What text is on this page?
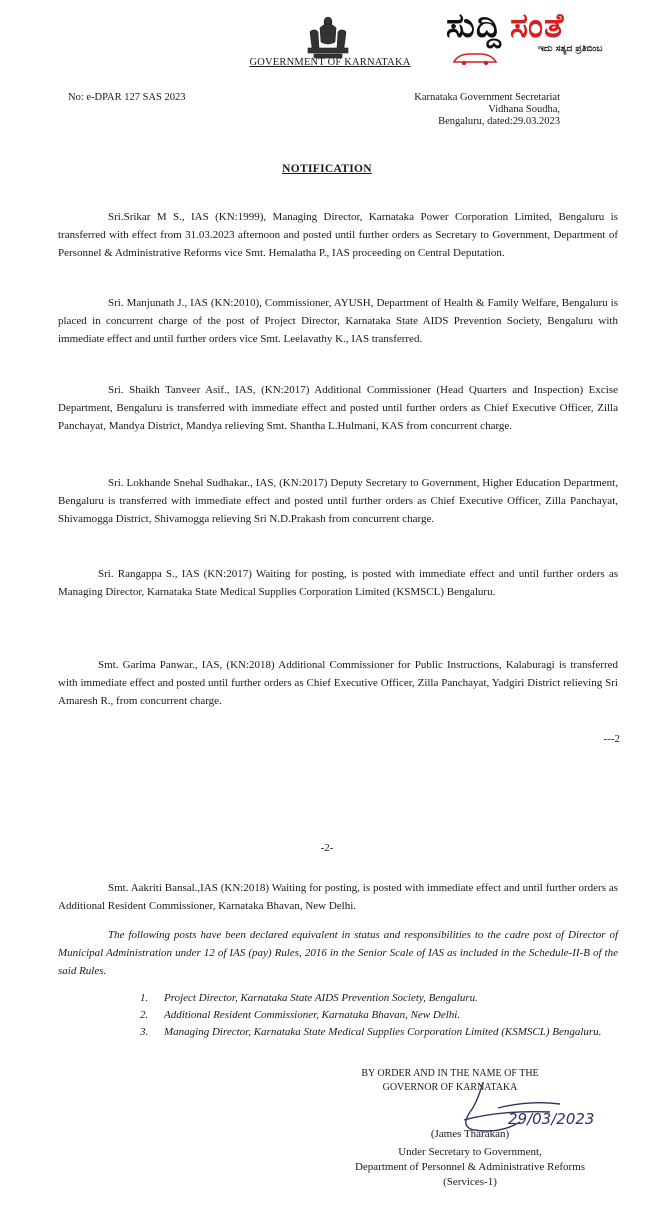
GOVERNMENT OF KARNATAKA
ಸುದ್ದಿ ಸಂತೆ
ಇದು ಸತ್ಯದ ಪ್ರತಿಬಿಂಬ
No: e-DPAR 127 SAS 2023	Karnataka Government Secretariat
Vidhana Soudha,
Bengaluru, dated:29.03.2023
NOTIFICATION
Sri.Srikar M S., IAS (KN:1999), Managing Director, Karnataka Power Corporation Limited, Bengaluru is transferred with effect from 31.03.2023 afternoon and posted until further orders as Secretary to Government, Department of Personnel & Administrative Reforms vice Smt. Hemalatha P., IAS proceeding on Central Deputation.
Sri. Manjunath J., IAS (KN:2010), Commissioner, AYUSH, Department of Health & Family Welfare, Bengaluru is placed in concurrent charge of the post of Project Director, Karnataka State AIDS Prevention Society, Bengaluru with immediate effect and until further orders vice Smt. Leelavathy K., IAS transferred.
Sri. Shaikh Tanveer Asif., IAS, (KN:2017) Additional Commissioner (Head Quarters and Inspection) Excise Department, Bengaluru is transferred with immediate effect and posted until further orders as Chief Executive Officer, Zilla Panchayat, Mandya District, Mandya relieving Smt. Shantha L.Hulmani, KAS from concurrent charge.
Sri. Lokhande Snehal Sudhakar., IAS, (KN:2017) Deputy Secretary to Government, Higher Education Department, Bengaluru is transferred with immediate effect and posted until further orders as Chief Executive Officer, Zilla Panchayat, Shivamogga District, Shivamogga relieving Sri N.D.Prakash from concurrent charge.
Sri. Rangappa S., IAS (KN:2017) Waiting for posting, is posted with immediate effect and until further orders as Managing Director, Karnataka State Medical Supplies Corporation Limited (KSMSCL) Bengaluru.
Smt. Garima Panwar., IAS, (KN:2018) Additional Commissioner for Public Instructions, Kalaburagi is transferred with immediate effect and posted until further orders as Chief Executive Officer, Zilla Panchayat, Yadgiri District relieving Sri Amaresh R., from concurrent charge.
---2
-2-
Smt. Aakriti Bansal.,IAS (KN:2018) Waiting for posting, is posted with immediate effect and until further orders as Additional Resident Commissioner, Karnataka Bhavan, New Delhi.
The following posts have been declared equivalent in status and responsibilities to the cadre post of Director of Municipal Administration under 12 of IAS (pay) Rules, 2016 in the Senior Scale of IAS as included in the Schedule-II-B of the said Rules.
1.	Project Director, Karnataka State AIDS Prevention Society, Bengaluru.
2.	Additional Resident Commissioner, Karnataka Bhavan, New Delhi.
3.	Managing Director, Karnataka State Medical Supplies Corporation Limited (KSMSCL) Bengaluru.
BY ORDER AND IN THE NAME OF THE
GOVERNOR OF KARNATAKA
29/03/2023
(James Tharakan)
Under Secretary to Government,
Department of Personnel & Administrative Reforms
(Services-1)
